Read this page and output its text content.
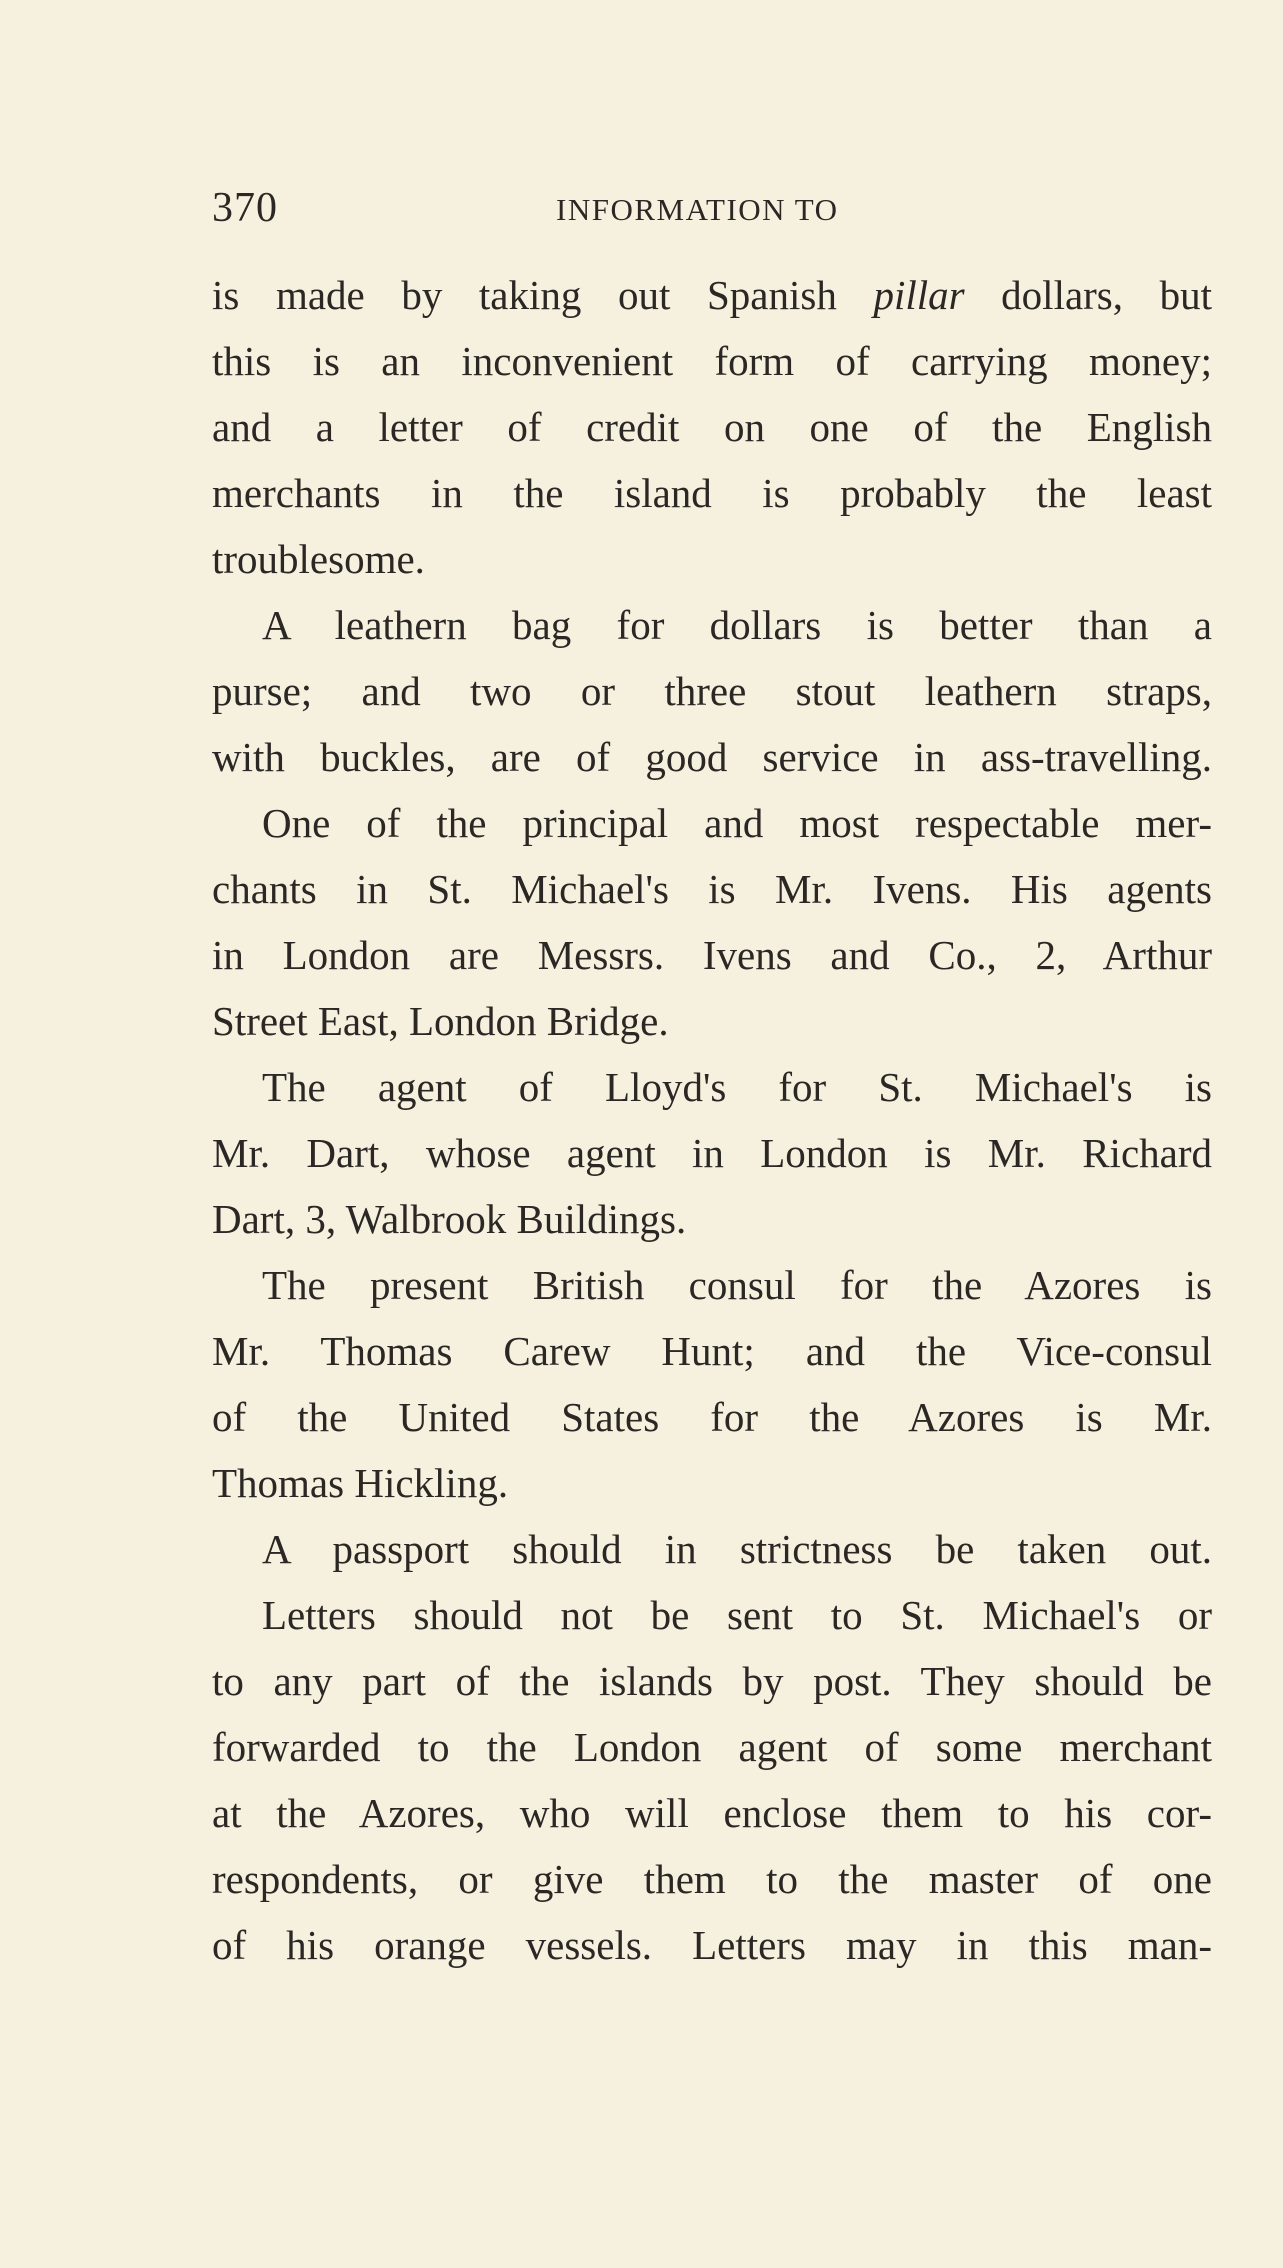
370	INFORMATION TO
is made by taking out Spanish pillar dollars, but
this is an inconvenient form of carrying money;
and a letter of credit on one of the English
merchants in the island is probably the least
troublesome.
A leathern bag for dollars is better than a
purse; and two or three stout leathern straps,
with buckles, are of good service in ass-travelling.
One of the principal and most respectable mer-
chants in St. Michael's is Mr. Ivens. His agents
in London are Messrs. Ivens and Co., 2, Arthur
Street East, London Bridge.
The agent of Lloyd's for St. Michael's is
Mr. Dart, whose agent in London is Mr. Richard
Dart, 3, Walbrook Buildings.
The present British consul for the Azores is
Mr. Thomas Carew Hunt; and the Vice-consul
of the United States for the Azores is Mr.
Thomas Hickling.
A passport should in strictness be taken out.
Letters should not be sent to St. Michael's or
to any part of the islands by post. They should be
forwarded to the London agent of some merchant
at the Azores, who will enclose them to his cor-
respondents, or give them to the master of one
of his orange vessels. Letters may in this man-
